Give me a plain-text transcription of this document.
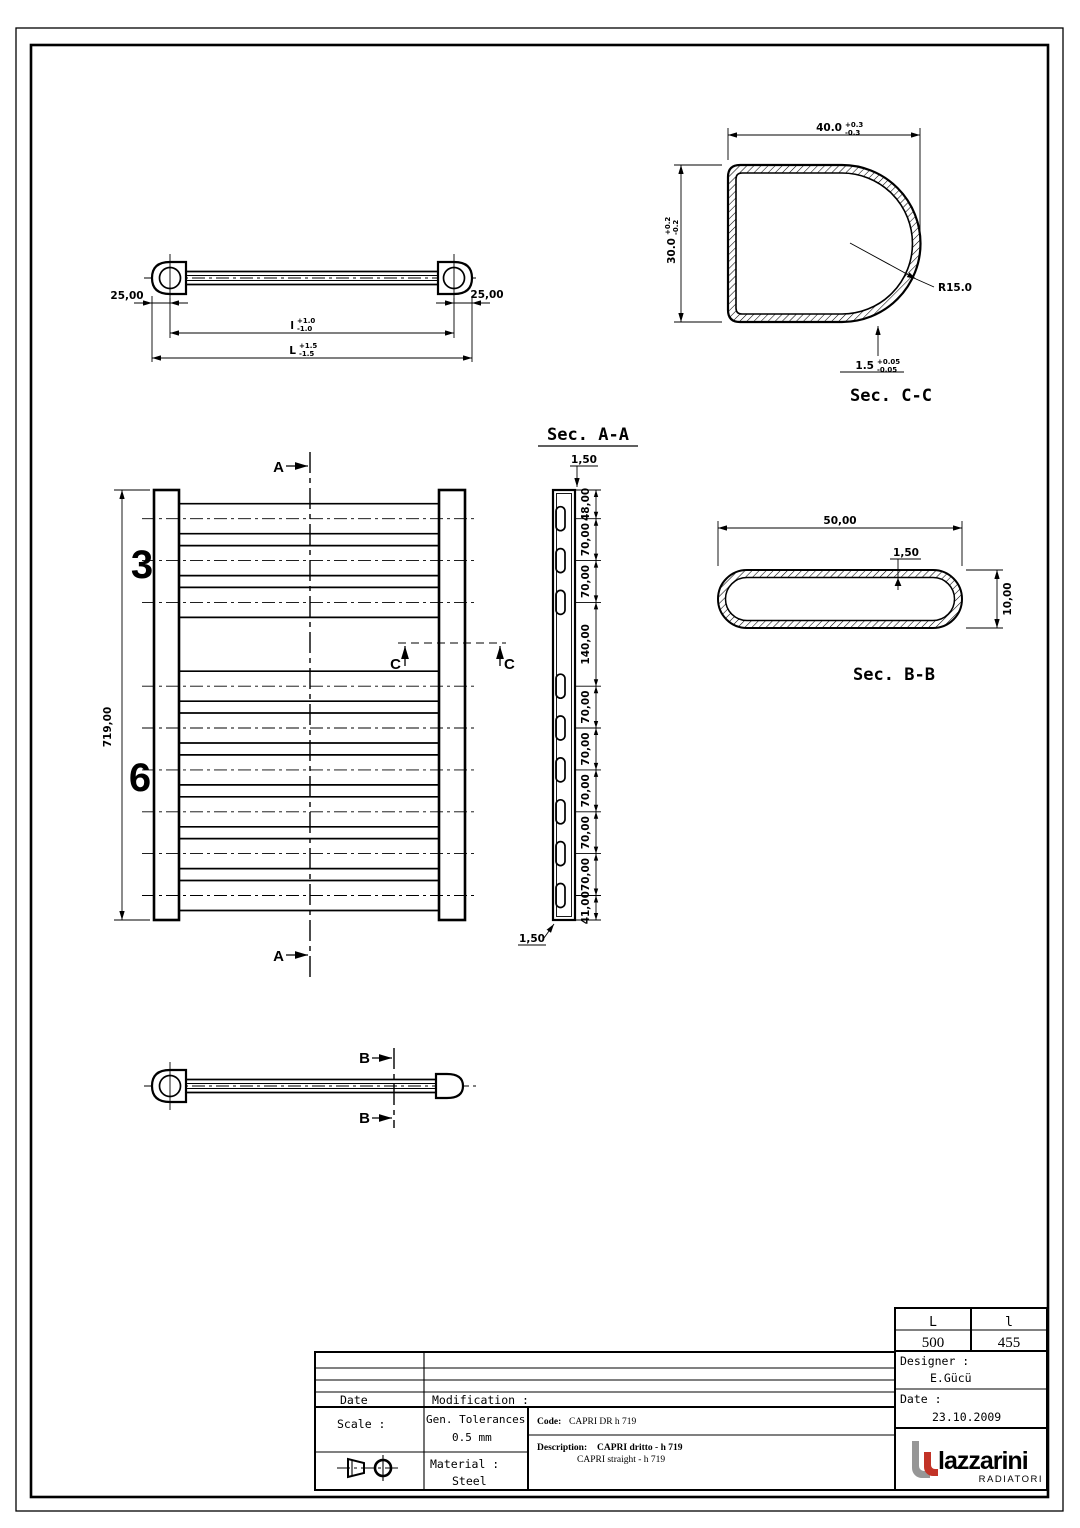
25,00	25,00
l +1.0
-1.0
L +1.5
-1.5
40.0 +0.3
-0.3
30.0
+0.2 -0.2
R15.0
1.5 +0.05
-0.05
Sec. C-C
3
6
719,00
A
A
C	C
Sec. A-A
1,50
1,50
48,00
70,00
70,00
140,00
70,00
70,00
70,00
70,00
70,00
41,00
50,00
1,50
10,00
Sec. B-B
B
B
L	l
500	455
Designer :
E.Gücü
Date :
23.10.2009
Date	Modification :
Scale :	Gen. Tolerances
0.5 mm
Material :
Steel
Code: CAPRI DR h 719
Description: CAPRI dritto - h 719
CAPRI straight - h 719	lazzarini
RADIATORI
